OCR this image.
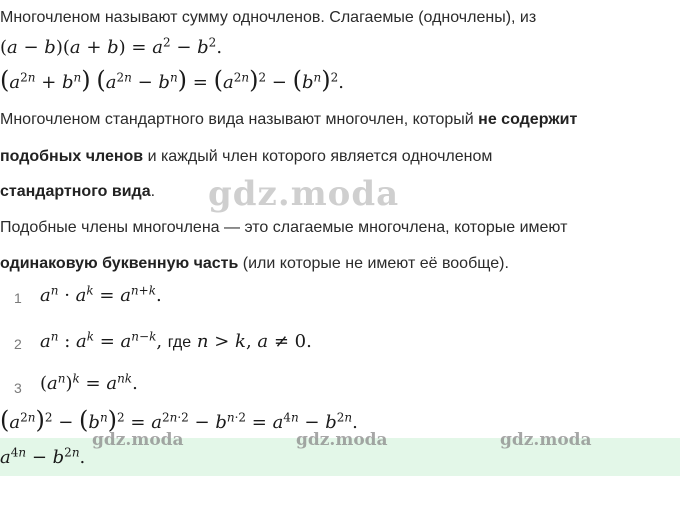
Многочленом называют сумму одночленов. Слагаемые (одночлены), из
$(a - b)(a + b) = a^2 - b^2$.
$(a^{2n} + b^n) (a^{2n} - b^n) = (a^{2n})^2 - (b^n)^2$.
Многочленом стандартного вида называют многочлен, который не содержит
подобных членов и каждый член которого является одночленом
стандартного вида. gdz.moda
Подобные члены многочлена — это слагаемые многочлена, которые имеют
одинаковую буквенную часть (или которые не имеют её вообще).
1 $a^n \cdot a^k = a^{n+k}$.
2 $a^n$ : $a^k = a^{n-k}$, где n > k, a ≠ 0.
3 $(a^n)^k = a^{nk}$.
$(a^{2n})^2 - (b^n)^2 = a^{2n\cdot 2} - b^{n\cdot 2} = a^{4n} - b^{2n}$.
gdz.moda	gdz.moda	gdz.moda
$a^{4n} - b^{2n}$.
